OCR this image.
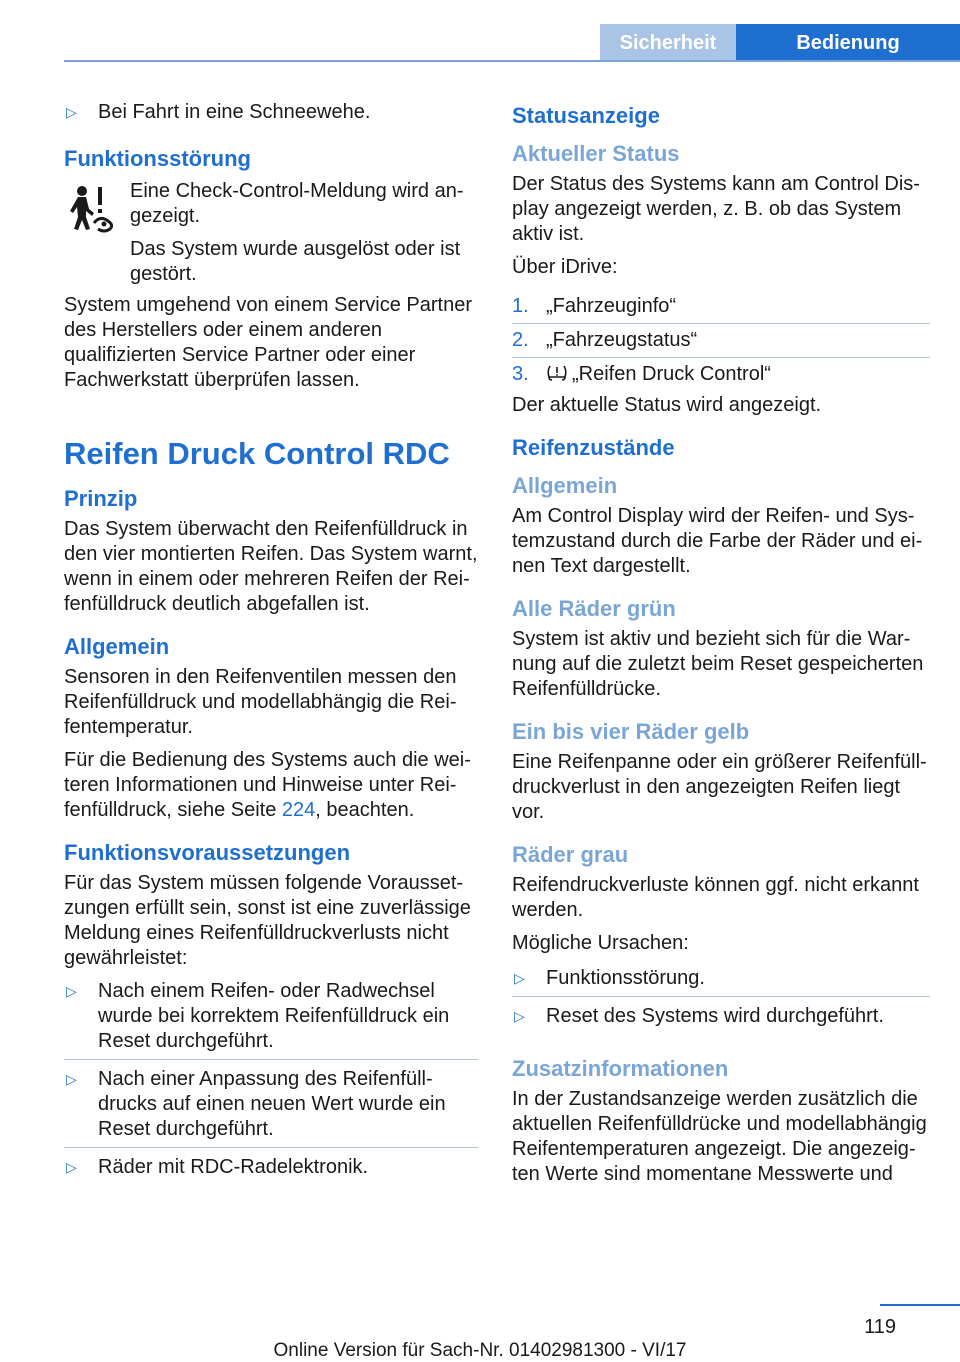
Sicherheit	Bedienung
▷ Bei Fahrt in eine Schneewehe.
Funktionsstörung

Eine Check-Control-Meldung wird angezeigt.

Das System wurde ausgelöst oder ist gestört.

System umgehend von einem Service Partner des Herstellers oder einem anderen qualifizierten Service Partner oder einer Fachwerkstatt überprüfen lassen.

Reifen Druck Control RDC
Prinzip

Das System überwacht den Reifenfülldruck in den vier montierten Reifen. Das System warnt, wenn in einem oder mehreren Reifen der Reifenfülldruck deutlich abgefallen ist.

Allgemein

Sensoren in den Reifenventilen messen den Reifenfülldruck und modellabhängig die Reifentemperatur.

Für die Bedienung des Systems auch die weiteren Informationen und Hinweise unter Reifenfülldruck, siehe Seite 224, beachten.

Funktionsvoraussetzungen

Für das System müssen folgende Voraussetzungen erfüllt sein, sonst ist eine zuverlässige Meldung eines Reifenfülldruckverlusts nicht gewährleistet:

▷ Nach einem Reifen- oder Radwechsel wurde bei korrektem Reifenfülldruck ein Reset durchgeführt.
▷ Nach einer Anpassung des Reifenfülldrucks auf einen neuen Wert wurde ein Reset durchgeführt.
▷ Räder mit RDC-Radelektronik.
Statusanzeige
Aktueller Status

Der Status des Systems kann am Control Display angezeigt werden, z. B. ob das System aktiv ist.

Über iDrive:

1. „Fahrzeuginfo“
2. „Fahrzeugstatus“
3. „Reifen Druck Control“

Der aktuelle Status wird angezeigt.

Reifenzustände
Allgemein

Am Control Display wird der Reifen- und Systemzustand durch die Farbe der Räder und einen Text dargestellt.

Alle Räder grün

System ist aktiv und bezieht sich für die Warnung auf die zuletzt beim Reset gespeicherten Reifenfülldrücke.

Ein bis vier Räder gelb

Eine Reifenpanne oder ein größerer Reifenfülldruckverlust in den angezeigten Reifen liegt vor.

Räder grau

Reifendruckverluste können ggf. nicht erkannt werden.

Mögliche Ursachen:

▷ Funktionsstörung.
▷ Reset des Systems wird durchgeführt.
Zusatzinformationen

In der Zustandsanzeige werden zusätzlich die aktuellen Reifenfülldrücke und modellabhängig Reifentemperaturen angezeigt. Die angezeigten Werte sind momentane Messwerte und

119
Online Version für Sach-Nr. 01402981300 - VI/17
